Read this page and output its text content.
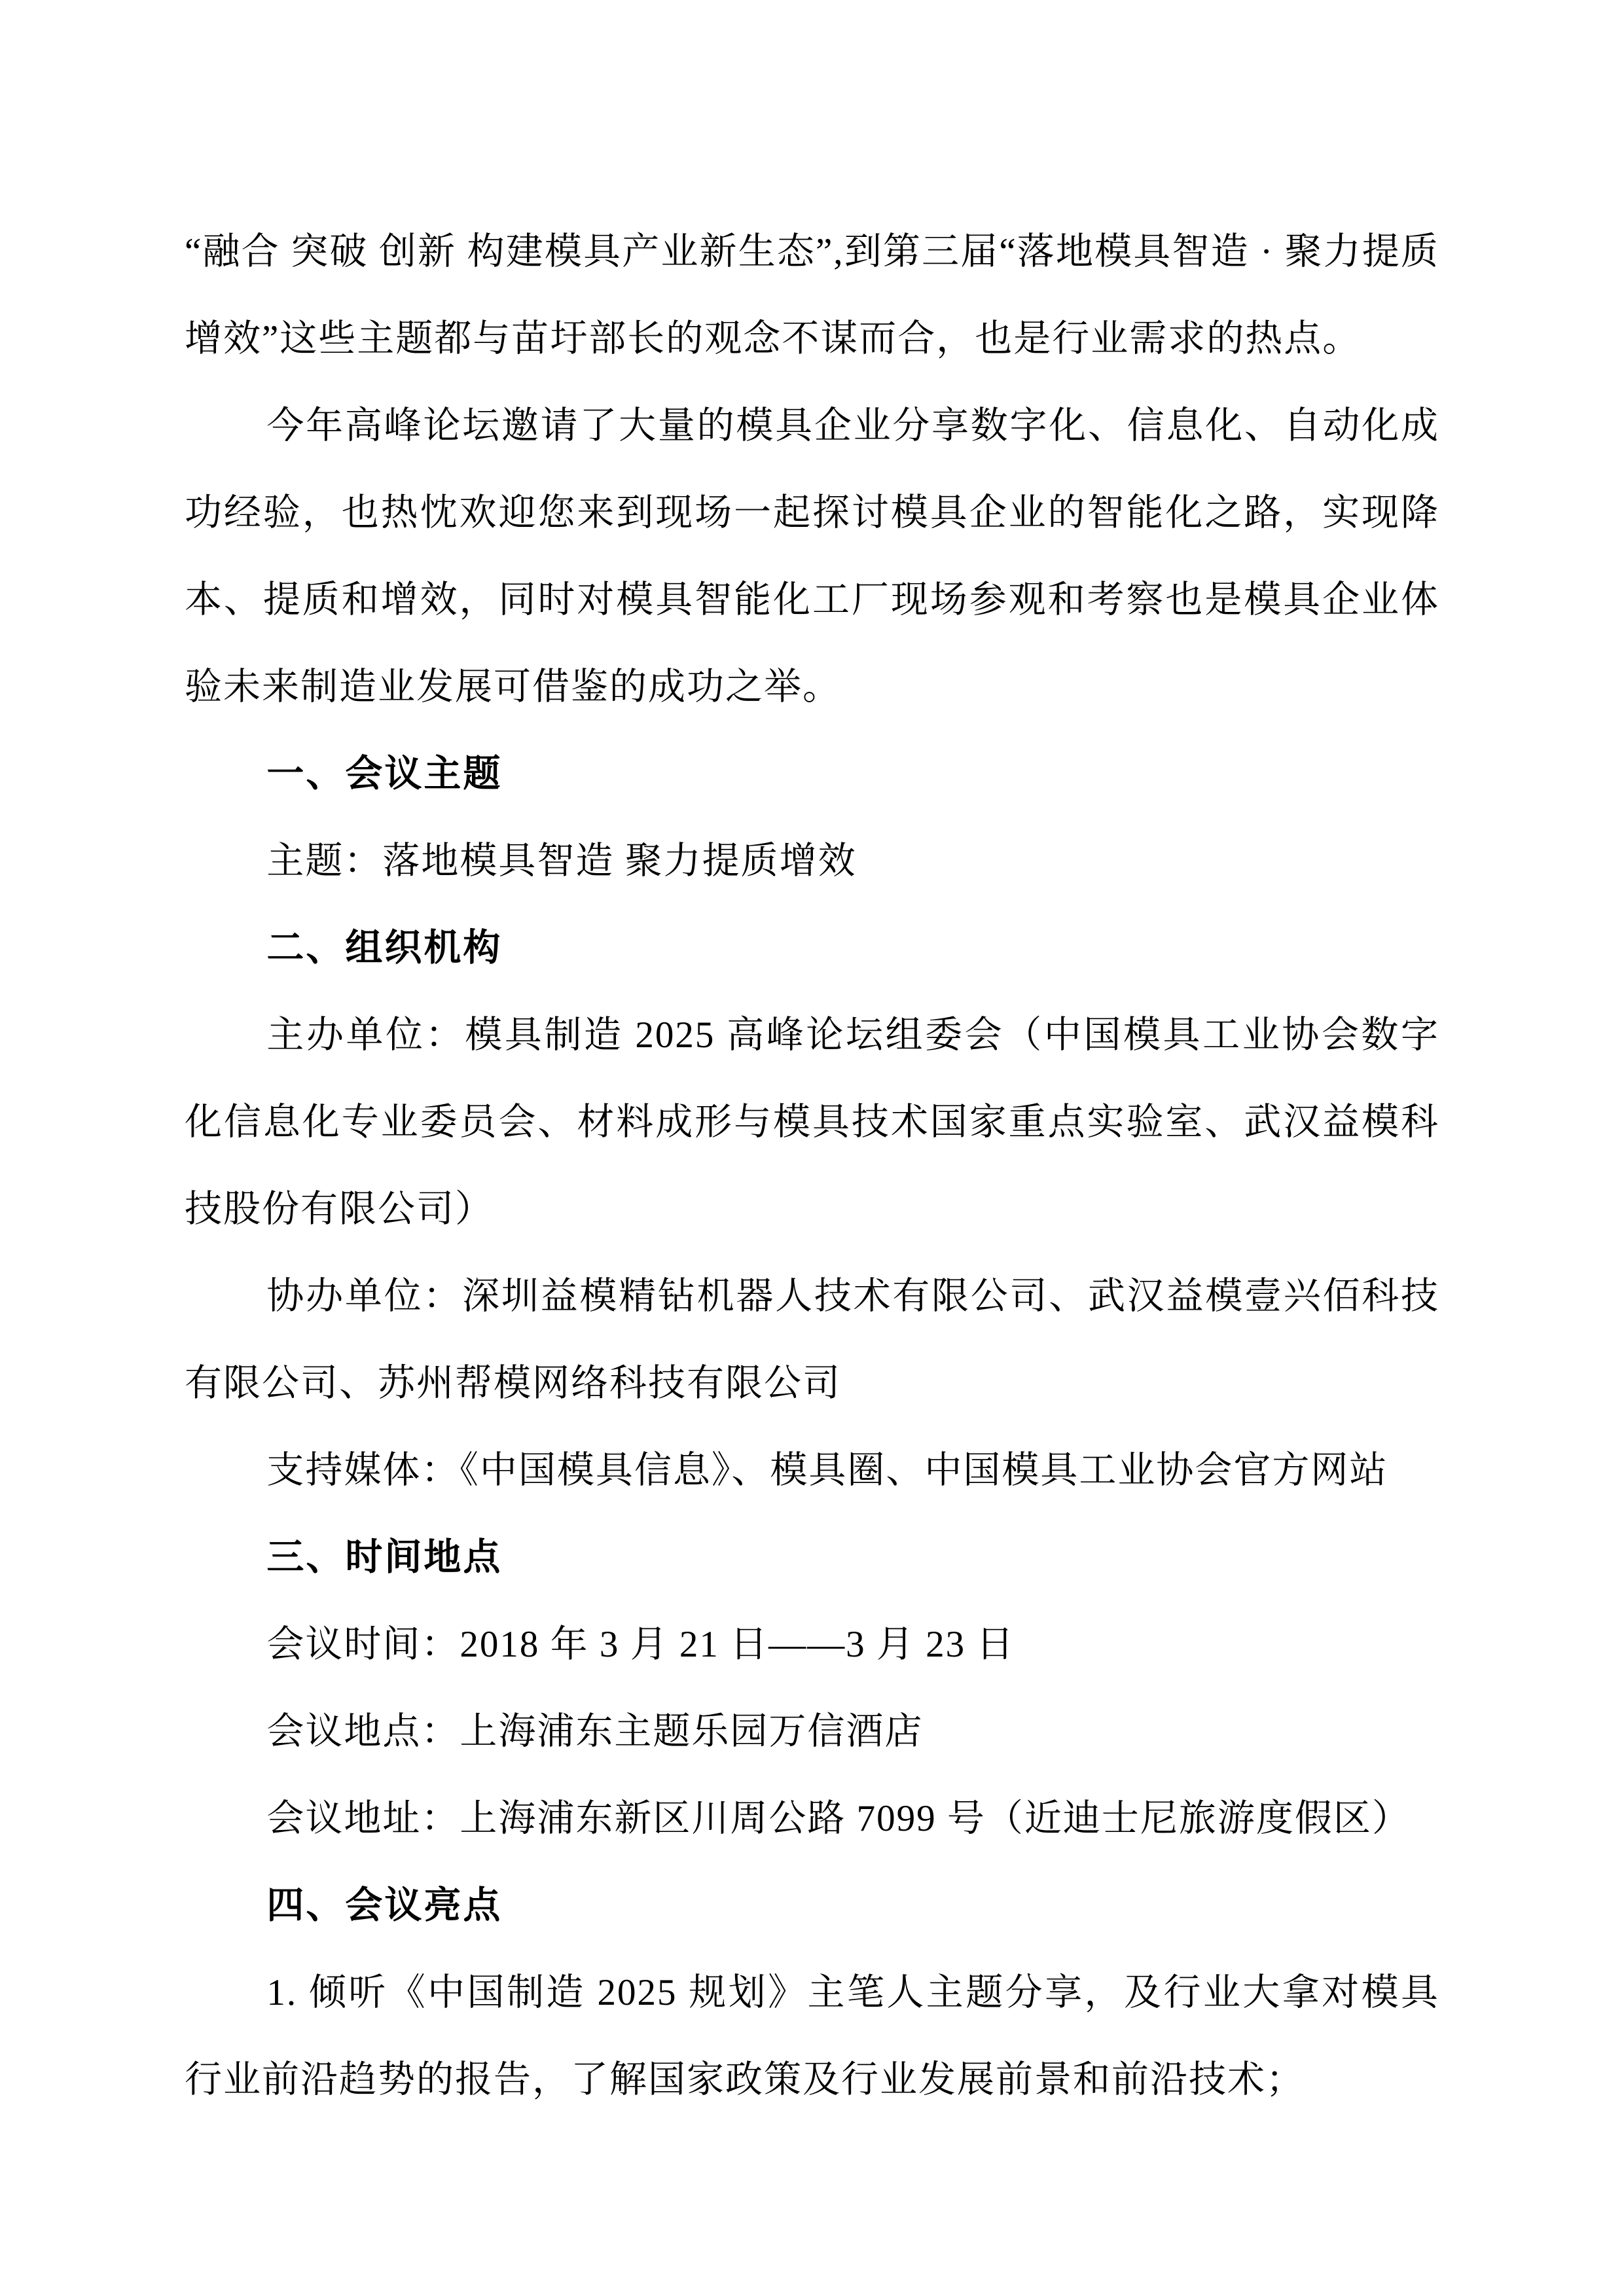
“融合 突破 创新 构建模具产业新生态”,到第三届“落地模具智造 · 聚力提质增效”这些主题都与苗圩部长的观念不谋而合，也是行业需求的热点。

今年高峰论坛邀请了大量的模具企业分享数字化、信息化、自动化成功经验，也热忱欢迎您来到现场一起探讨模具企业的智能化之路，实现降本、提质和增效，同时对模具智能化工厂现场参观和考察也是模具企业体验未来制造业发展可借鉴的成功之举。

一、会议主题

主题：落地模具智造 聚力提质增效

二、组织机构

主办单位：模具制造 2025 高峰论坛组委会（中国模具工业协会数字化信息化专业委员会、材料成形与模具技术国家重点实验室、武汉益模科技股份有限公司）

协办单位：深圳益模精钻机器人技术有限公司、武汉益模壹兴佰科技有限公司、苏州帮模网络科技有限公司

支持媒体：《中国模具信息》、模具圈、中国模具工业协会官方网站

三、时间地点

会议时间：2018 年 3 月 21 日——3 月 23 日

会议地点：上海浦东主题乐园万信酒店

会议地址：上海浦东新区川周公路 7099 号（近迪士尼旅游度假区）

四、会议亮点

1. 倾听《中国制造 2025 规划》主笔人主题分享，及行业大拿对模具行业前沿趋势的报告，了解国家政策及行业发展前景和前沿技术；
